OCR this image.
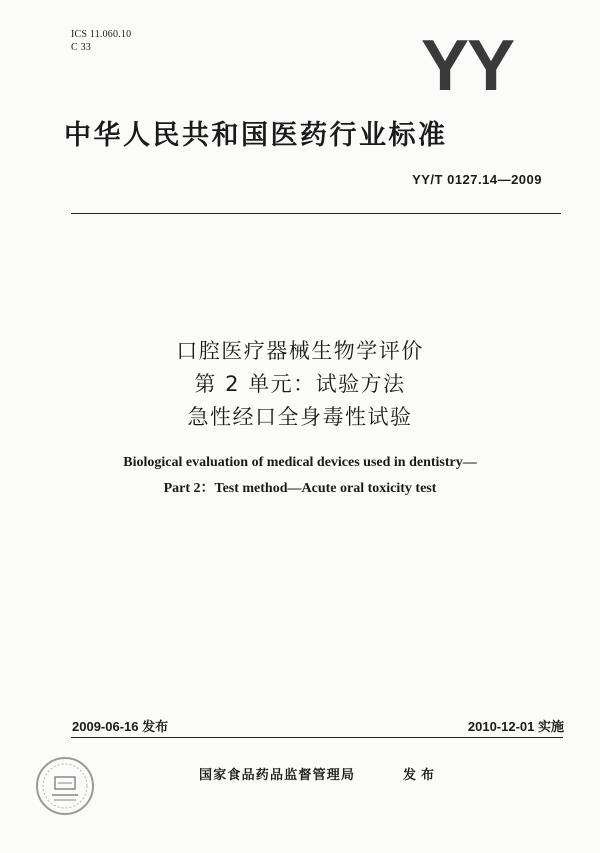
ICS 11.060.10
C 33	YY
中华人民共和国医药行业标准
YY/T 0127.14—2009
口腔医疗器械生物学评价
第 2 单元：试验方法
急性经口全身毒性试验
Biological evaluation of medical devices used in dentistry—
Part 2：Test method—Acute oral toxicity test
2009-06-16 发布	2010-12-01 实施
国家食品药品监督管理局	发布
